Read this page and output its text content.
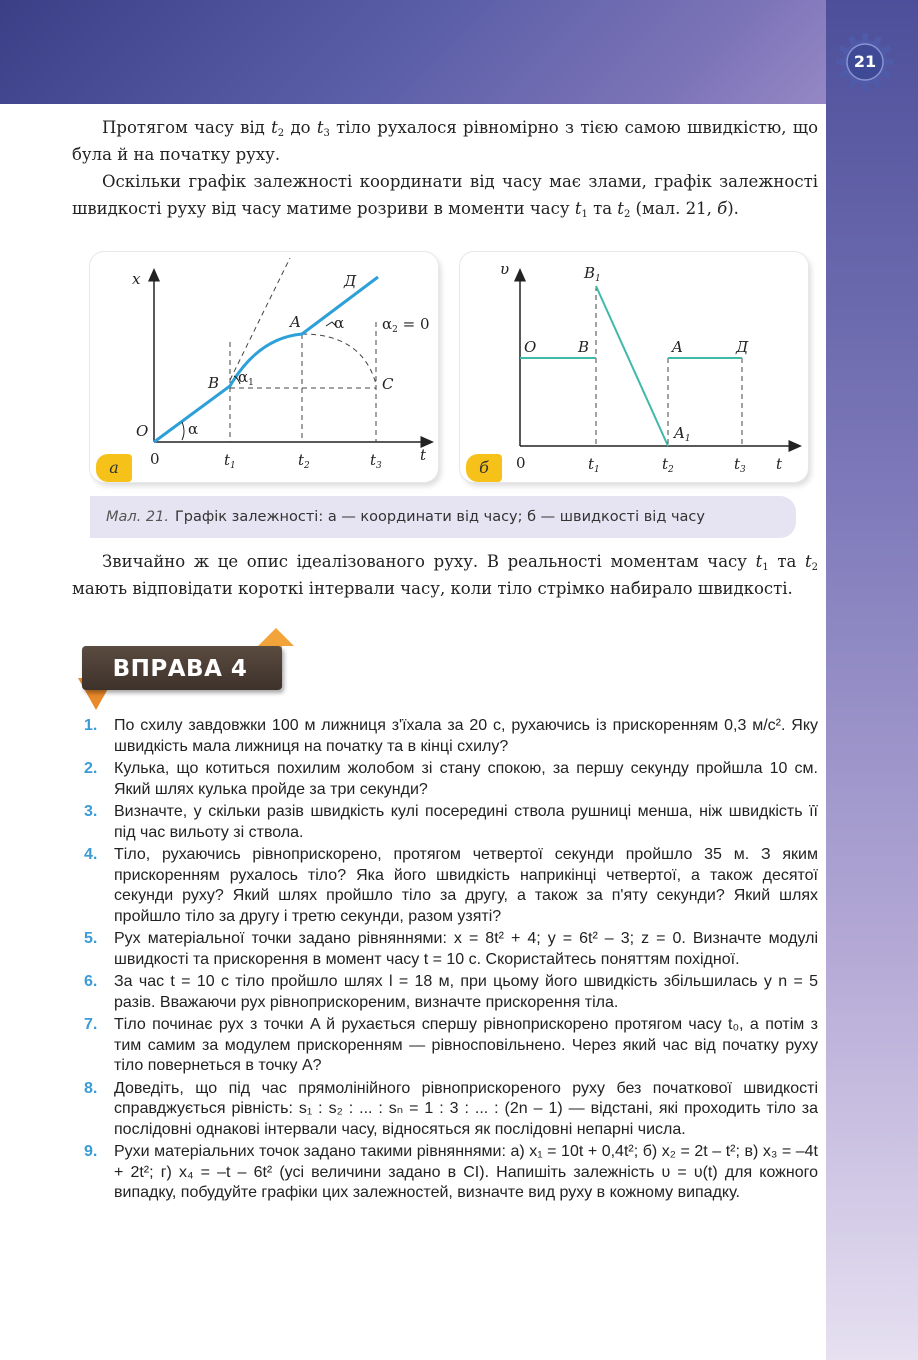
21

Протягом часу від $t_2$ до $t_3$ тіло рухалося рівномірно з тією самою швидкістю, що була й на початку руху.

Оскільки графік залежності координати від часу має злами, графік залежності швидкості руху від часу матиме розриви в моменти часу $t_1$ та $t_2$ (мал. 21, б).

x
t
O
0	$t_1$	$t_2$	$t_3$
α
$\alpha_1$
α	$\alpha_2 = 0$
B
A
Д
C
а
υ
t
0	$t_1$	$t_2$	$t_3$
O	B
$B_1$
A
$A_1$
Д
б
Мал. 21. Графік залежності: а — координати від часу; б — швидкості від часу

Звичайно ж це опис ідеалізованого руху. В реальності моментам часу $t_1$ та $t_2$ мають відповідати короткі інтервали часу, коли тіло стрімко набирало швидкості.

ВПРАВА 4
1. По схилу завдовжки 100 м лижниця з'їхала за 20 с, рухаючись із прискоренням 0,3 м/с². Яку швидкість мала лижниця на початку та в кінці схилу?
2. Кулька, що котиться похилим жолобом зі стану спокою, за першу секунду пройшла 10 см. Який шлях кулька пройде за три секунди?
3. Визначте, у скільки разів швидкість кулі посередині ствола рушниці менша, ніж швидкість її під час вильоту зі ствола.
4. Тіло, рухаючись рівноприскорено, протягом четвертої секунди пройшло 35 м. З яким прискоренням рухалось тіло? Яка його швидкість наприкінці четвертої, а також десятої секунди руху? Який шлях пройшло тіло за другу, а також за п'яту секунди? Який шлях пройшло тіло за другу і третю секунди, разом узяті?
5. Рух матеріальної точки задано рівняннями: x = 8t² + 4; y = 6t² – 3; z = 0. Визначте модулі швидкості та прискорення в момент часу t = 10 с. Скористайтесь поняттям похідної.
6. За час t = 10 с тіло пройшло шлях l = 18 м, при цьому його швидкість збільшилась у n = 5 разів. Вважаючи рух рівноприскореним, визначте прискорення тіла.
7. Тіло починає рух з точки A й рухається спершу рівноприскорено протягом часу t₀, а потім з тим самим за модулем прискоренням — рівносповільнено. Через який час від початку руху тіло повернеться в точку A?
8. Доведіть, що під час прямолінійного рівноприскореного руху без початкової швидкості справджується рівність: s₁ : s₂ : ... : sₙ = 1 : 3 : ... : (2n – 1) — відстані, які проходить тіло за послідовні однакові інтервали часу, відносяться як послідовні непарні числа.
9. Рухи матеріальних точок задано такими рівняннями: а) x₁ = 10t + 0,4t²; б) x₂ = 2t – t²; в) x₃ = –4t + 2t²; г) x₄ = –t – 6t² (усі величини задано в СІ). Напишіть залежність υ = υ(t) для кожного випадку, побудуйте графіки цих залежностей, визначте вид руху в кожному випадку.
